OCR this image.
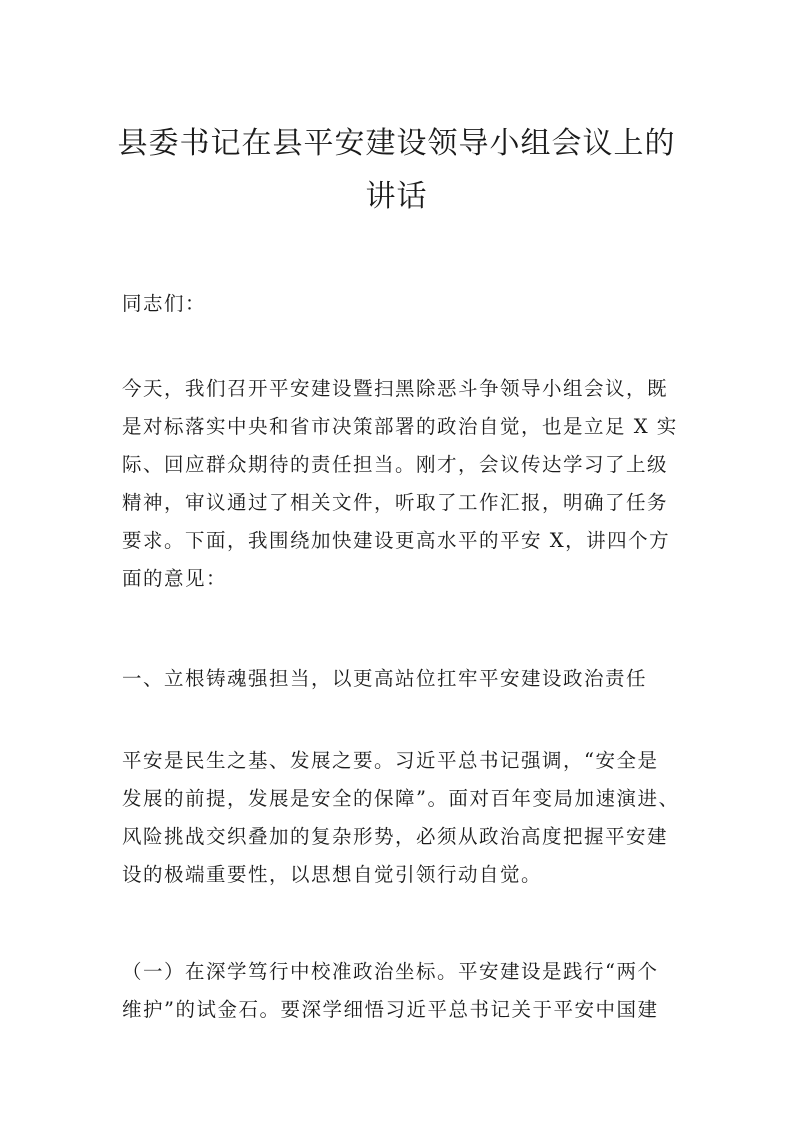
县委书记在县平安建设领导小组会议上的
讲话

同志们：

今天，我们召开平安建设暨扫黑除恶斗争领导小组会议，既
是对标落实中央和省市决策部署的政治自觉，也是立足 X 实
际、回应群众期待的责任担当。刚才，会议传达学习了上级
精神，审议通过了相关文件，听取了工作汇报，明确了任务
要求。下面，我围绕加快建设更高水平的平安 X，讲四个方
面的意见：

一、立根铸魂强担当，以更高站位扛牢平安建设政治责任

平安是民生之基、发展之要。习近平总书记强调，“安全是
发展的前提，发展是安全的保障”。面对百年变局加速演进、
风险挑战交织叠加的复杂形势，必须从政治高度把握平安建
设的极端重要性，以思想自觉引领行动自觉。

（一）在深学笃行中校准政治坐标。平安建设是践行“两个
维护”的试金石。要深学细悟习近平总书记关于平安中国建
